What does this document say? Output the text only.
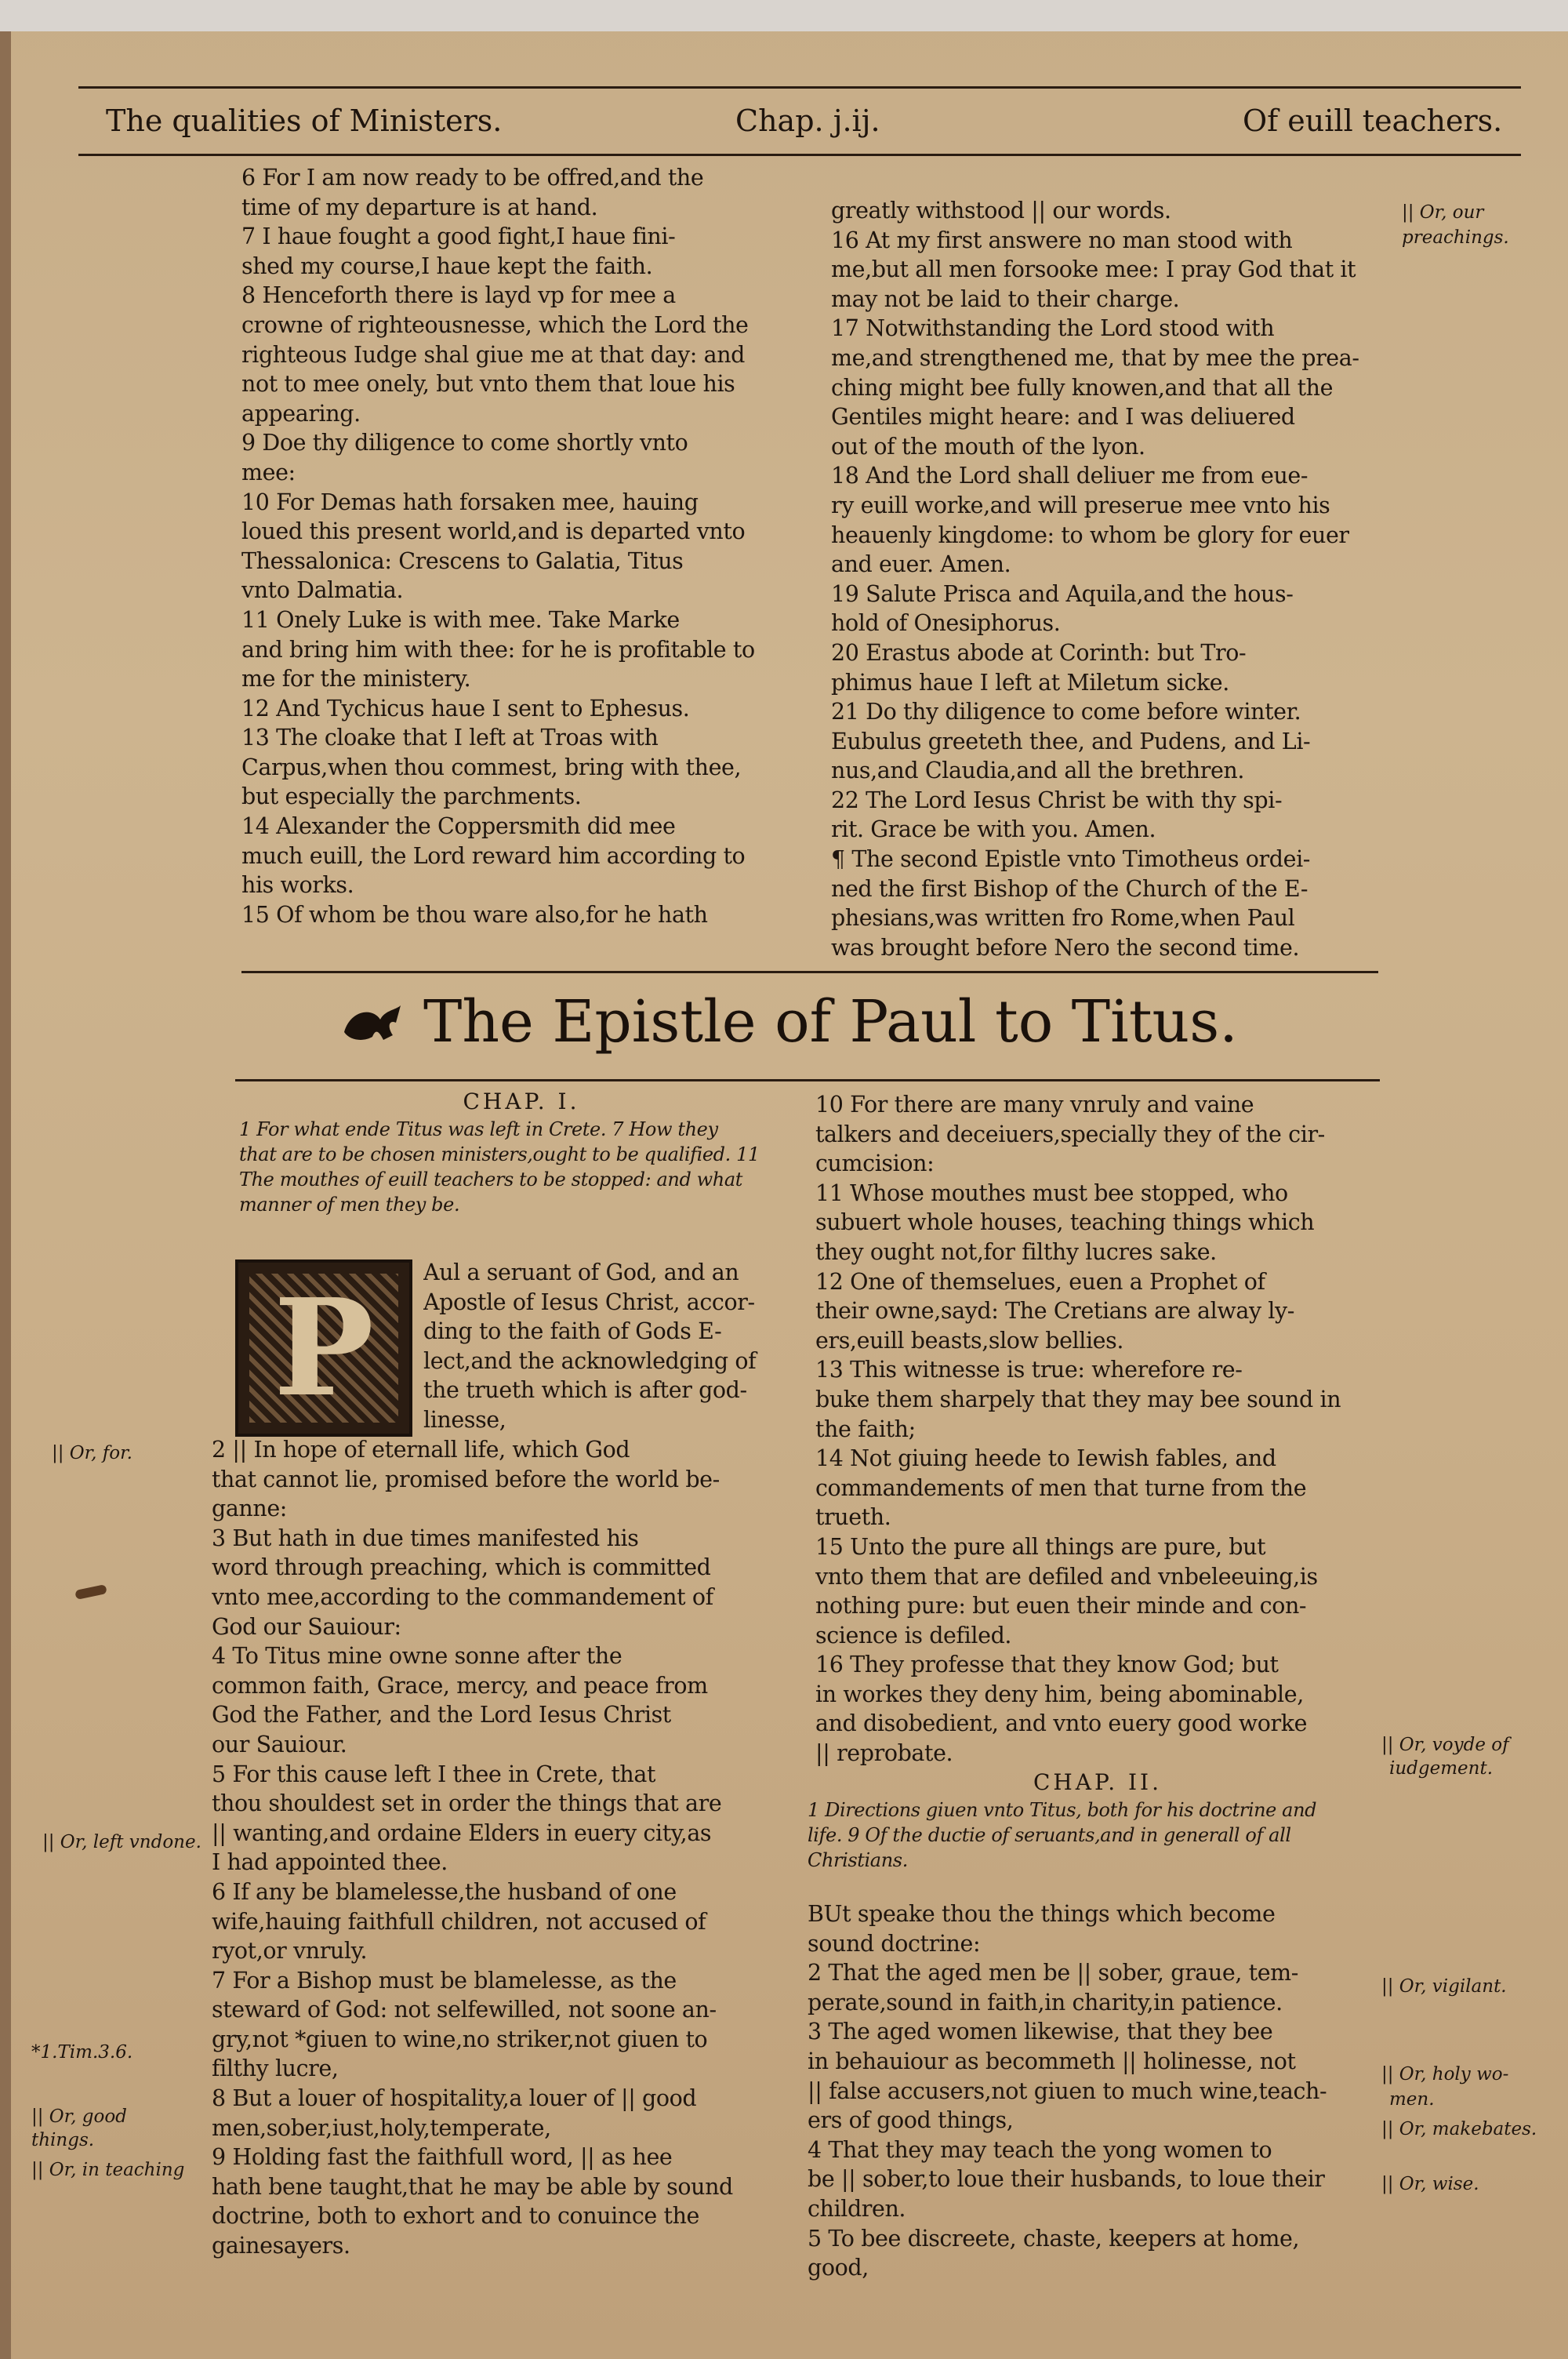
The qualities of Ministers.	Chap. j.ij.	Of euill teachers.

6 For I am now ready to be offred,and the

time of my departure is at hand.

7 I haue fought a good fight,I haue fini-

shed my course,I haue kept the faith.

8 Henceforth there is layd vp for mee a

crowne of righteousnesse, which the Lord the

righteous Iudge shal giue me at that day: and

not to mee onely, but vnto them that loue his

appearing.

9 Doe thy diligence to come shortly vnto

mee:

10 For Demas hath forsaken mee, hauing

loued this present world,and is departed vnto

Thessalonica: Crescens to Galatia, Titus

vnto Dalmatia.

11 Onely Luke is with mee. Take Marke

and bring him with thee: for he is profitable to

me for the ministery.

12 And Tychicus haue I sent to Ephesus.

13 The cloake that I left at Troas with

Carpus,when thou commest, bring with thee,

but especially the parchments.

14 Alexander the Coppersmith did mee

much euill, the Lord reward him according to

his works.

15 Of whom be thou ware also,for he hath

greatly withstood || our words.

16 At my first answere no man stood with

me,but all men forsooke mee: I pray God that it

may not be laid to their charge.

17 Notwithstanding the Lord stood with

me,and strengthened me, that by mee the prea-

ching might bee fully knowen,and that all the

Gentiles might heare: and I was deliuered

out of the mouth of the lyon.

18 And the Lord shall deliuer me from eue-

ry euill worke,and will preserue mee vnto his

heauenly kingdome: to whom be glory for euer

and euer. Amen.

19 Salute Prisca and Aquila,and the hous-

hold of Onesiphorus.

20 Erastus abode at Corinth: but Tro-

phimus haue I left at Miletum sicke.

21 Do thy diligence to come before winter.

Eubulus greeteth thee, and Pudens, and Li-

nus,and Claudia,and all the brethren.

22 The Lord Iesus Christ be with thy spi-

rit. Grace be with you. Amen.

¶ The second Epistle vnto Timotheus ordei-

ned the first Bishop of the Church of the E-

phesians,was written fro Rome,when Paul

was brought before Nero the second time.

|| Or, our
preachings.
The Epistle of Paul to Titus.

CHAP. I.

1 For what ende Titus was left in Crete. 7 How they

that are to be chosen ministers,ought to be qualified. 11

The mouthes of euill teachers to be stopped: and what

manner of men they be.

P	Aul a seruant of God, and an

Apostle of Iesus Christ, accor-

ding to the faith of Gods E-

lect,and the acknowledging of

the trueth which is after god-

linesse,

2 || In hope of eternall life, which God

that cannot lie, promised before the world be-

ganne:

3 But hath in due times manifested his

word through preaching, which is committed

vnto mee,according to the commandement of

God our Sauiour:

4 To Titus mine owne sonne after the

common faith, Grace, mercy, and peace from

God the Father, and the Lord Iesus Christ

our Sauiour.

5 For this cause left I thee in Crete, that

thou shouldest set in order the things that are

|| wanting,and ordaine Elders in euery city,as

I had appointed thee.

6 If any be blamelesse,the husband of one

wife,hauing faithfull children, not accused of

ryot,or vnruly.

7 For a Bishop must be blamelesse, as the

steward of God: not selfewilled, not soone an-

gry,not *giuen to wine,no striker,not giuen to

filthy lucre,

8 But a louer of hospitality,a louer of || good

men,sober,iust,holy,temperate,

9 Holding fast the faithfull word, || as hee

hath bene taught,that he may be able by sound

doctrine, both to exhort and to conuince the

gainesayers.

10 For there are many vnruly and vaine

talkers and deceiuers,specially they of the cir-

cumcision:

11 Whose mouthes must bee stopped, who

subuert whole houses, teaching things which

they ought not,for filthy lucres sake.

12 One of themselues, euen a Prophet of

their owne,sayd: The Cretians are alway ly-

ers,euill beasts,slow bellies.

13 This witnesse is true: wherefore re-

buke them sharpely that they may bee sound in

the faith;

14 Not giuing heede to Iewish fables, and

commandements of men that turne from the

trueth.

15 Unto the pure all things are pure, but

vnto them that are defiled and vnbeleeuing,is

nothing pure: but euen their minde and con-

science is defiled.

16 They professe that they know God; but

in workes they deny him, being abominable,

and disobedient, and vnto euery good worke

|| reprobate.

CHAP. II.

1 Directions giuen vnto Titus, both for his doctrine and

life. 9 Of the ductie of seruants,and in generall of all

Christians.

BUt speake thou the things which become

sound doctrine:

2 That the aged men be || sober, graue, tem-

perate,sound in faith,in charity,in patience.

3 The aged women likewise, that they bee

in behauiour as becommeth || holinesse, not

|| false accusers,not giuen to much wine,teach-

ers of good things,

4 That they may teach the yong women to

be || sober,to loue their husbands, to loue their

children.

5 To bee discreete, chaste, keepers at home,

good,

|| Or, for.
|| Or, left vndone.
*1.Tim.3.6.
|| Or, good
things.
|| Or, in teaching
|| Or, voyde of
iudgement.
|| Or, vigilant.
|| Or, holy wo-
men.
|| Or, makebates.
|| Or, wise.
